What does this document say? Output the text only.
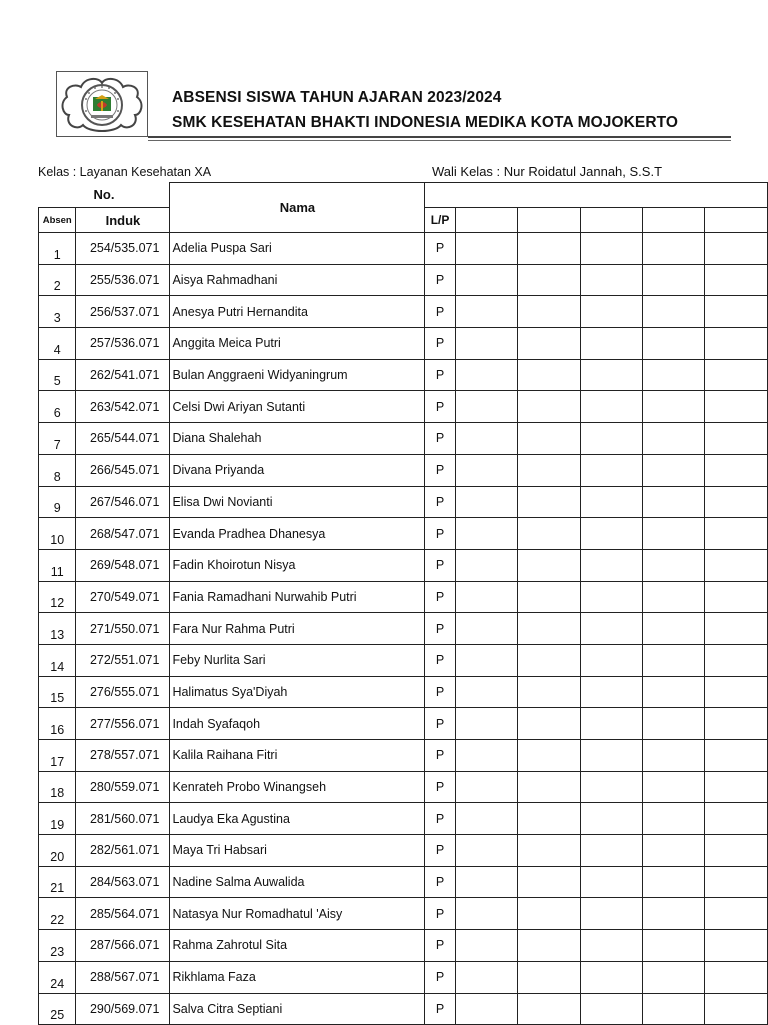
ABSENSI SISWA TAHUN AJARAN 2023/2024
SMK KESEHATAN BHAKTI INDONESIA MEDIKA KOTA MOJOKERTO
Kelas : Layanan Kesehatan XA	Wali Kelas : Nur Roidatul Jannah, S.S.T
No.		Nama						
Absen	Induk		L/P					
1	254/535.071	Adelia Puspa Sari	P					
2	255/536.071	Aisya Rahmadhani	P					
3	256/537.071	Anesya Putri Hernandita	P					
4	257/536.071	Anggita Meica Putri	P					
5	262/541.071	Bulan Anggraeni Widyaningrum	P					
6	263/542.071	Celsi Dwi Ariyan Sutanti	P					
7	265/544.071	Diana Shalehah	P					
8	266/545.071	Divana Priyanda	P					
9	267/546.071	Elisa Dwi Novianti	P					
10	268/547.071	Evanda Pradhea Dhanesya	P					
11	269/548.071	Fadin Khoirotun Nisya	P					
12	270/549.071	Fania Ramadhani Nurwahib Putri	P					
13	271/550.071	Fara Nur Rahma Putri	P					
14	272/551.071	Feby Nurlita Sari	P					
15	276/555.071	Halimatus Sya'Diyah	P					
16	277/556.071	Indah Syafaqoh	P					
17	278/557.071	Kalila Raihana Fitri	P					
18	280/559.071	Kenrateh Probo Winangseh	P					
19	281/560.071	Laudya Eka Agustina	P					
20	282/561.071	Maya Tri Habsari	P					
21	284/563.071	Nadine Salma Auwalida	P					
22	285/564.071	Natasya Nur Romadhatul 'Aisy	P					
23	287/566.071	Rahma Zahrotul Sita	P					
24	288/567.071	Rikhlama Faza	P					
25	290/569.071	Salva Citra Septiani	P					
